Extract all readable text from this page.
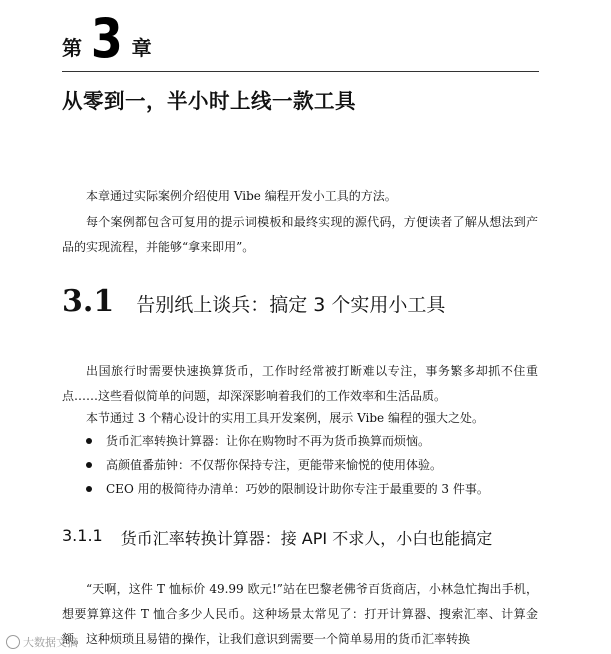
第 3 章
从零到一，半小时上线一款工具
本章通过实际案例介绍使用 Vibe 编程开发小工具的方法。
每个案例都包含可复用的提示词模板和最终实现的源代码，方便读者了解从想法到产品的实现流程，并能够“拿来即用”。
3.1 告别纸上谈兵：搞定 3 个实用小工具
出国旅行时需要快速换算货币，工作时经常被打断难以专注，事务繁多却抓不住重点……这些看似简单的问题，却深深影响着我们的工作效率和生活品质。
本节通过 3 个精心设计的实用工具开发案例，展示 Vibe 编程的强大之处。
货币汇率转换计算器：让你在购物时不再为货币换算而烦恼。
高颜值番茄钟：不仅帮你保持专注，更能带来愉悦的使用体验。
CEO 用的极简待办清单：巧妙的限制设计助你专注于最重要的 3 件事。
3.1.1 货币汇率转换计算器：接 API 不求人，小白也能搞定
“天啊，这件 T 恤标价 49.99 欧元!”站在巴黎老佛爷百货商店，小林急忙掏出手机，想要算算这件 T 恤合多少人民币。这种场景太常见了：打开计算器、搜索汇率、计算金额。这种烦琐且易错的操作，让我们意识到需要一个简单易用的货币汇率转换
大数据文摘
